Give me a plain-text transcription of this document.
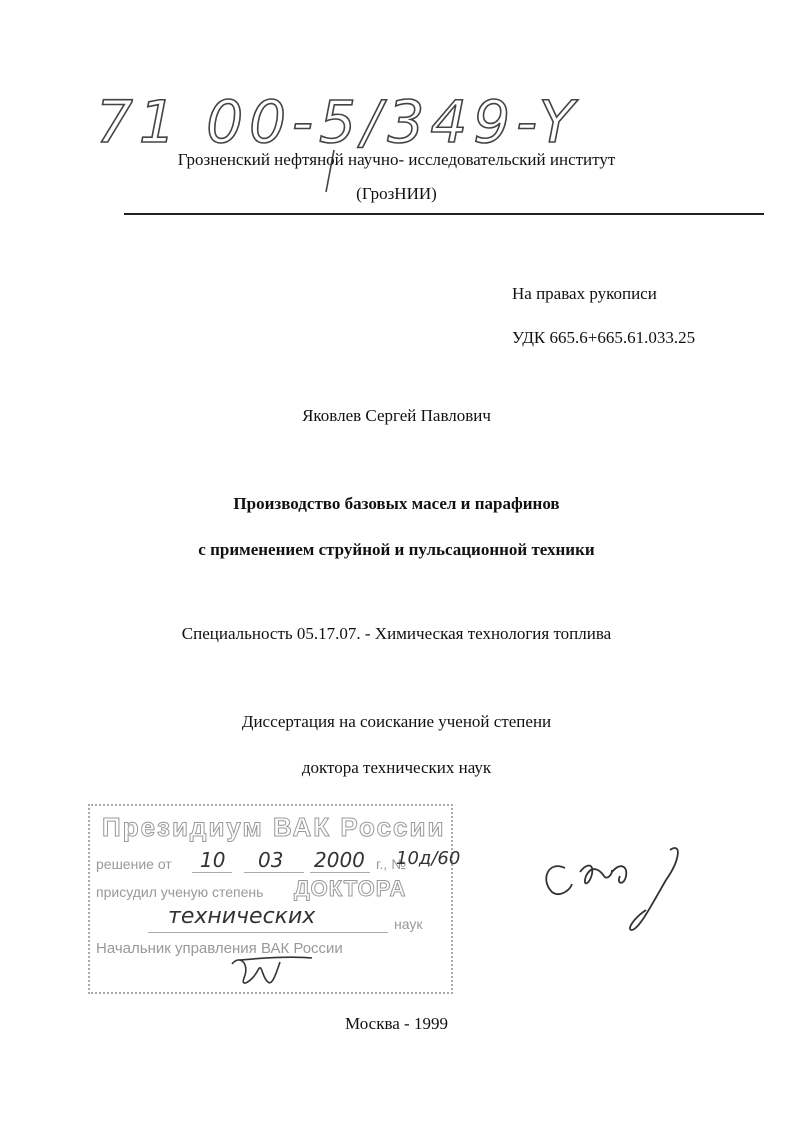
71 00-5/349-Y
Грозненский нефтяной научно- исследовательский институт
(ГрозНИИ)
На правах рукописи
УДК 665.6+665.61.033.25
Яковлев Сергей Павлович
Производство базовых масел и парафинов
с применением струйной и пульсационной техники
Специальность 05.17.07. - Химическая технология топлива
Диссертация на соискание ученой степени
доктора технических наук
Президиум ВАК России
решение от 10 03 2000 г., №
10д/60
присудил ученую степень ДОКТОРА
технических	наук
Начальник управления ВАК России
Москва - 1999
